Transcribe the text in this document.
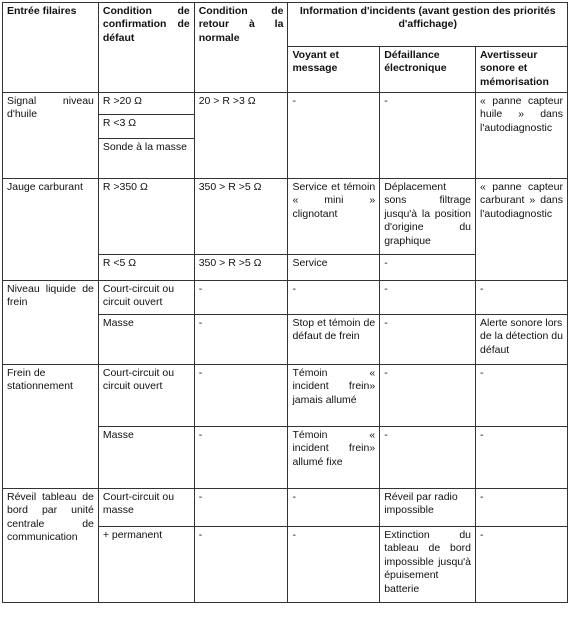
Entrée filaires	Condition de confirmation de défaut	Condition de retour à la normale	Information d'incidents (avant gestion des priorités d'affichage)		
			Voyant et message	Défaillance électronique	Avertisseur sonore et mémorisation
Signal niveau d'huile	R >20 Ω	20 > R >3 Ω	-	-	« panne capteur huile » dans l'autodiagnostic
	R <3 Ω				
	Sonde à la masse				
Jauge carburant	R >350 Ω	350 > R >5 Ω	Service et témoin « mini » clignotant	Déplacement sons filtrage jusqu'à la position d'origine du graphique	« panne capteur carburant » dans l'autodiagnostic
	R <5 Ω	350 > R >5 Ω	Service	-	
Niveau liquide de frein	Court-circuit ou circuit ouvert	-	-	-	-
	Masse	-	Stop et témoin de défaut de frein	-	Alerte sonore lors de la détection du défaut
Frein de stationnement	Court-circuit ou circuit ouvert	-	Témoin « incident frein» jamais allumé	-	-
	Masse	-	Témoin « incident frein» allumé fixe	-	-
Réveil tableau de bord par unité centrale de communication	Court-circuit ou masse	-	-	Réveil par radio impossible	-
	+ permanent	-	-	Extinction du tableau de bord impossible jusqu'à épuisement batterie	-
